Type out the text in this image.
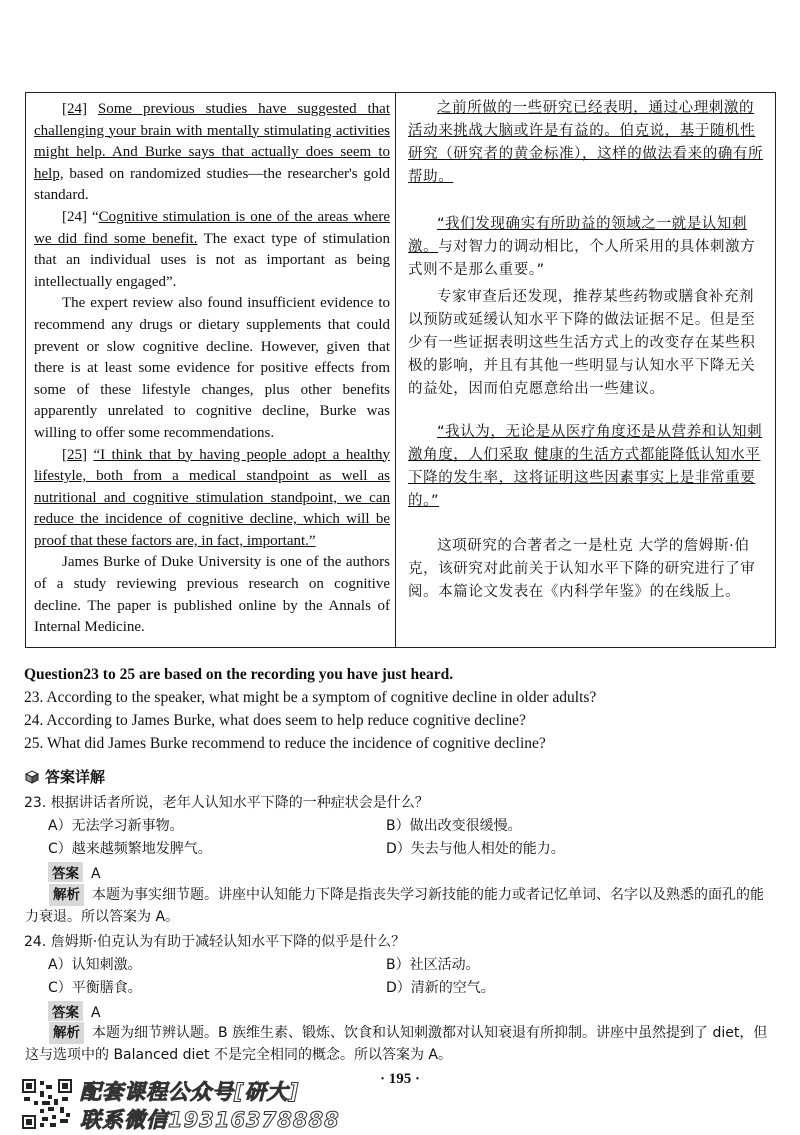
[24] Some previous studies have suggested that challenging your brain with mentally stimulating activities might help. And Burke says that actually does seem to help, based on randomized studies—the researcher's gold standard.

[24] “Cognitive stimulation is one of the areas where we did find some benefit. The exact type of stimulation that an individual uses is not as important as being intellectually engaged”.

The expert review also found insufficient evidence to recommend any drugs or dietary supplements that could prevent or slow cognitive decline. However, given that there is at least some evidence for positive effects from some of these lifestyle changes, plus other benefits apparently unrelated to cognitive decline, Burke was willing to offer some recommendations.

[25] “I think that by having people adopt a healthy lifestyle, both from a medical standpoint as well as nutritional and cognitive stimulation standpoint, we can reduce the incidence of cognitive decline, which will be proof that these factors are, in fact, important.”

James Burke of Duke University is one of the authors of a study reviewing previous research on cognitive decline. The paper is published online by the Annals of Internal Medicine.

之前所做的一些研究已经表明，通过心理刺激的活动来挑战大脑或许是有益的。伯克说，基于随机性研究（研究者的黄金标准），这样的做法看来的确有所帮助。

“我们发现确实有所助益的领域之一就是认知刺激。与对智力的调动相比，个人所采用的具体刺激方式则不是那么重要。”

专家审查后还发现，推荐某些药物或膳食补充剂以预防或延缓认知水平下降的做法证据不足。但是至少有一些证据表明这些生活方式上的改变存在某些积极的影响，并且有其他一些明显与认知水平下降无关的益处，因而伯克愿意给出一些建议。

“我认为，无论是从医疗角度还是从营养和认知刺激角度，人们采取 健康的生活方式都能降低认知水平 下降的发生率，这将证明这些因素事实上是非常重要的。”

这项研究的合著者之一是杜克 大学的詹姆斯·伯克，该研究对此前关于认知水平下降的研究进行了审阅。本篇论文发表在《内科学年鉴》的在线版上。

Question23 to 25 are based on the recording you have just heard.
23. According to the speaker, what might be a symptom of cognitive decline in older adults?
24. According to James Burke, what does seem to help reduce cognitive decline?
25. What did James Burke recommend to reduce the incidence of cognitive decline?
答案详解
23. 根据讲话者所说，老年人认知水平下降的一种症状会是什么？
A）无法学习新事物。	B）做出改变很缓慢。
C）越来越频繁地发脾气。	D）失去与他人相处的能力。
答案 A
解析 本题为事实细节题。讲座中认知能力下降是指丧失学习新技能的能力或者记忆单词、名字以及熟悉的面孔的能力衰退。所以答案为 A。
24. 詹姆斯·伯克认为有助于减轻认知水平下降的似乎是什么？
A）认知刺激。	B）社区活动。
C）平衡膳食。	D）清新的空气。
答案 A
解析 本题为细节辨认题。B 族维生素、锻炼、饮食和认知刺激都对认知衰退有所抑制。讲座中虽然提到了 diet，但这与选项中的 Balanced diet 不是完全相同的概念。所以答案为 A。
· 195 ·
配套课程公众号[研大]
联系微信19316378888
